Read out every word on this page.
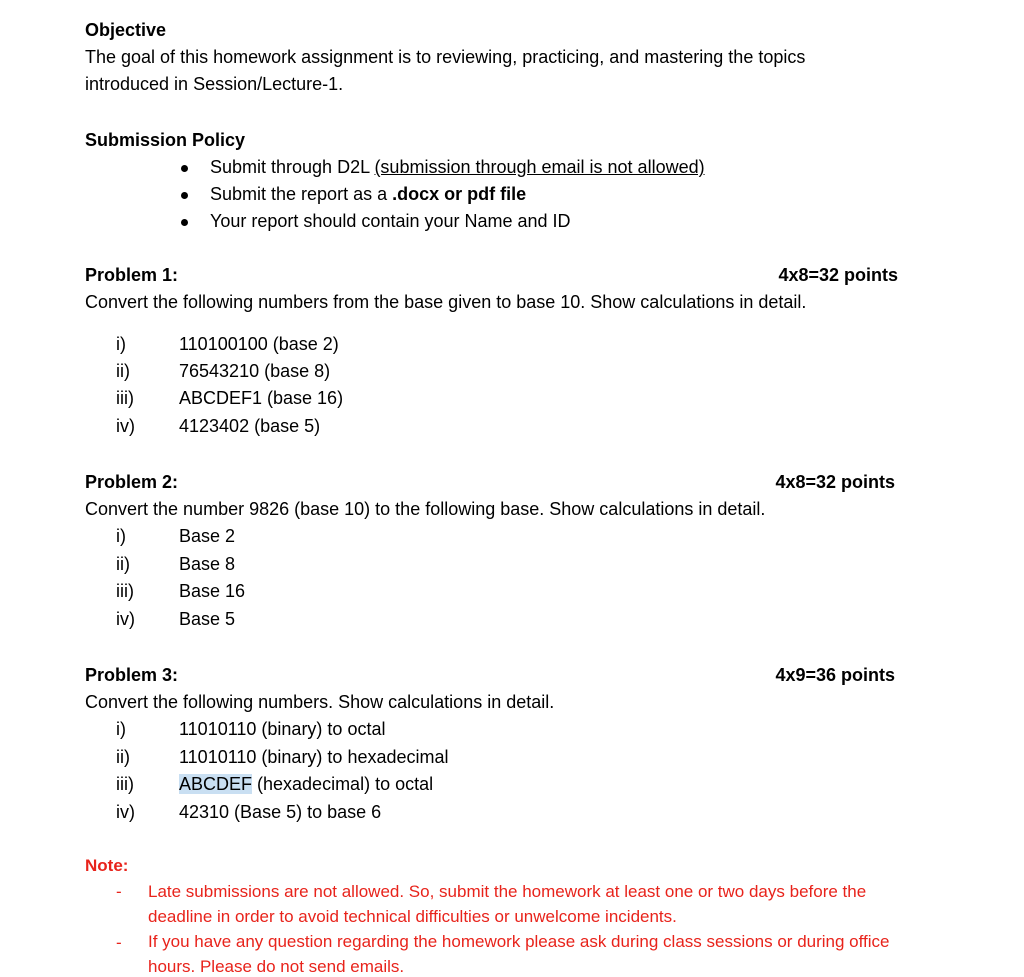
Objective
The goal of this homework assignment is to reviewing, practicing, and mastering the topics
introduced in Session/Lecture-1.
Submission Policy
Submit through D2L (submission through email is not allowed)
Submit the report as a .docx or pdf file
Your report should contain your Name and ID
Problem 1:	4x8=32 points
Convert the following numbers from the base given to base 10. Show calculations in detail.
i)	110100100 (base 2)
ii)	76543210 (base 8)
iii)	ABCDEF1 (base 16)
iv) 4123402 (base 5)
Problem 2:	4x8=32 points
Convert the number 9826 (base 10) to the following base. Show calculations in detail.
i)	Base 2
ii)	Base 8
iii)	Base 16
iv) Base 5
Problem 3:	4x9=36 points
Convert the following numbers. Show calculations in detail.
i)	11010110 (binary) to octal
ii)	11010110 (binary) to hexadecimal
iii)	ABCDEF (hexadecimal) to octal
iv) 42310 (Base 5) to base 6
Note:
- Late submissions are not allowed. So, submit the homework at least one or two days before the
deadline in order to avoid technical difficulties or unwelcome incidents.
- If you have any question regarding the homework please ask during class sessions or during office
hours. Please do not send emails.
